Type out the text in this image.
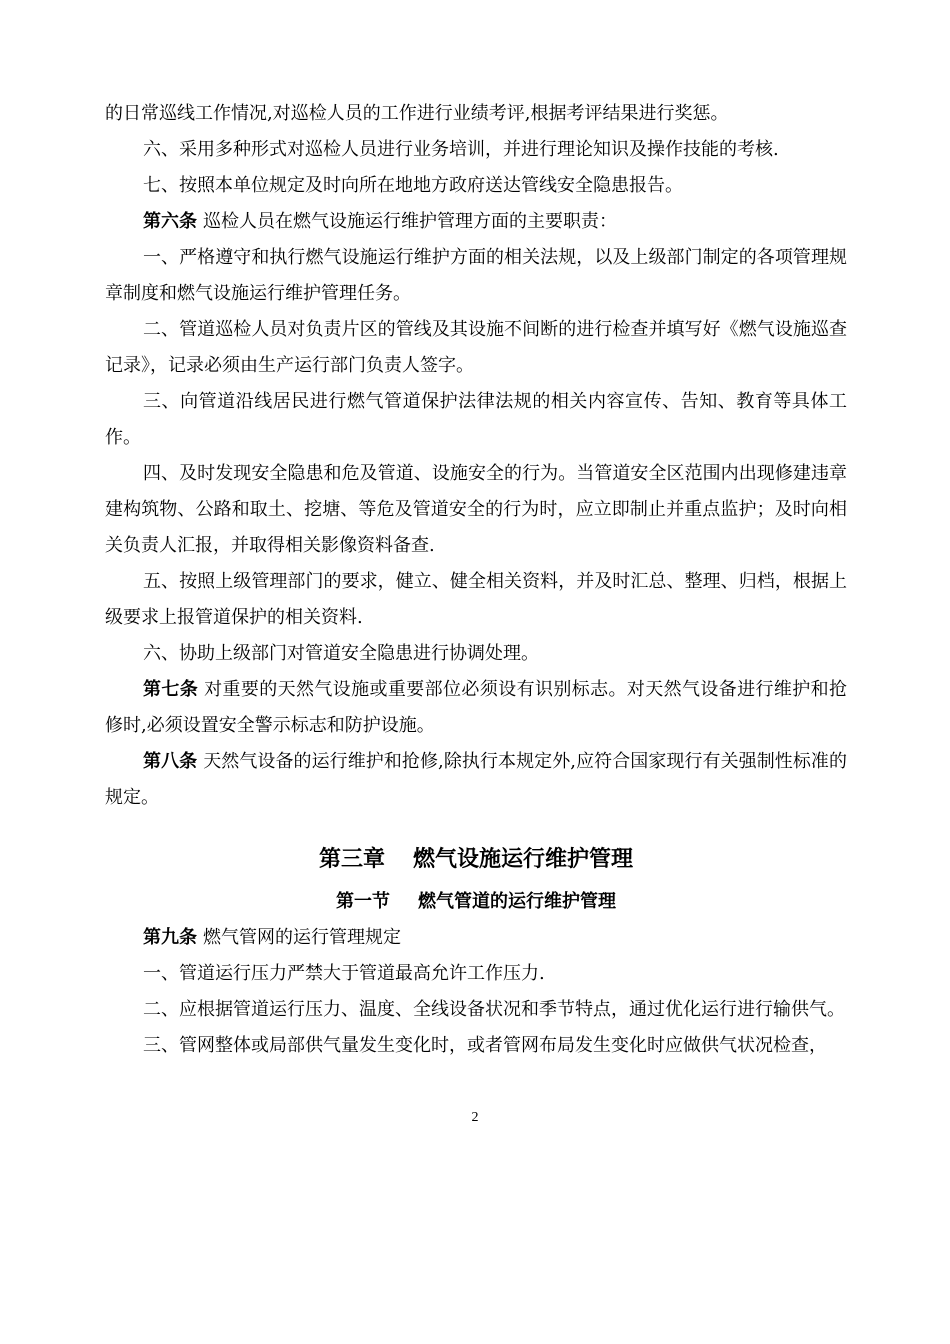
的日常巡线工作情况,对巡检人员的工作进行业绩考评,根据考评结果进行奖惩。

六、采用多种形式对巡检人员进行业务培训，并进行理论知识及操作技能的考核.

七、按照本单位规定及时向所在地地方政府送达管线安全隐患报告。

第六条 巡检人员在燃气设施运行维护管理方面的主要职责：

一、严格遵守和执行燃气设施运行维护方面的相关法规，以及上级部门制定的各项管理规章制度和燃气设施运行维护管理任务。

二、管道巡检人员对负责片区的管线及其设施不间断的进行检查并填写好《燃气设施巡查记录》，记录必须由生产运行部门负责人签字。

三、向管道沿线居民进行燃气管道保护法律法规的相关内容宣传、告知、教育等具体工作。

四、及时发现安全隐患和危及管道、设施安全的行为。当管道安全区范围内出现修建违章建构筑物、公路和取土、挖塘、等危及管道安全的行为时，应立即制止并重点监护；及时向相关负责人汇报，并取得相关影像资料备查.

五、按照上级管理部门的要求，健立、健全相关资料，并及时汇总、整理、归档，根据上级要求上报管道保护的相关资料.

六、协助上级部门对管道安全隐患进行协调处理。

第七条 对重要的天然气设施或重要部位必须设有识别标志。对天然气设备进行维护和抢修时,必须设置安全警示标志和防护设施。

第八条 天然气设备的运行维护和抢修,除执行本规定外,应符合国家现行有关强制性标准的规定。

第三章 燃气设施运行维护管理
第一节 燃气管道的运行维护管理

第九条 燃气管网的运行管理规定

一、管道运行压力严禁大于管道最高允许工作压力.

二、应根据管道运行压力、温度、全线设备状况和季节特点，通过优化运行进行输供气。

三、管网整体或局部供气量发生变化时，或者管网布局发生变化时应做供气状况检查，

2
